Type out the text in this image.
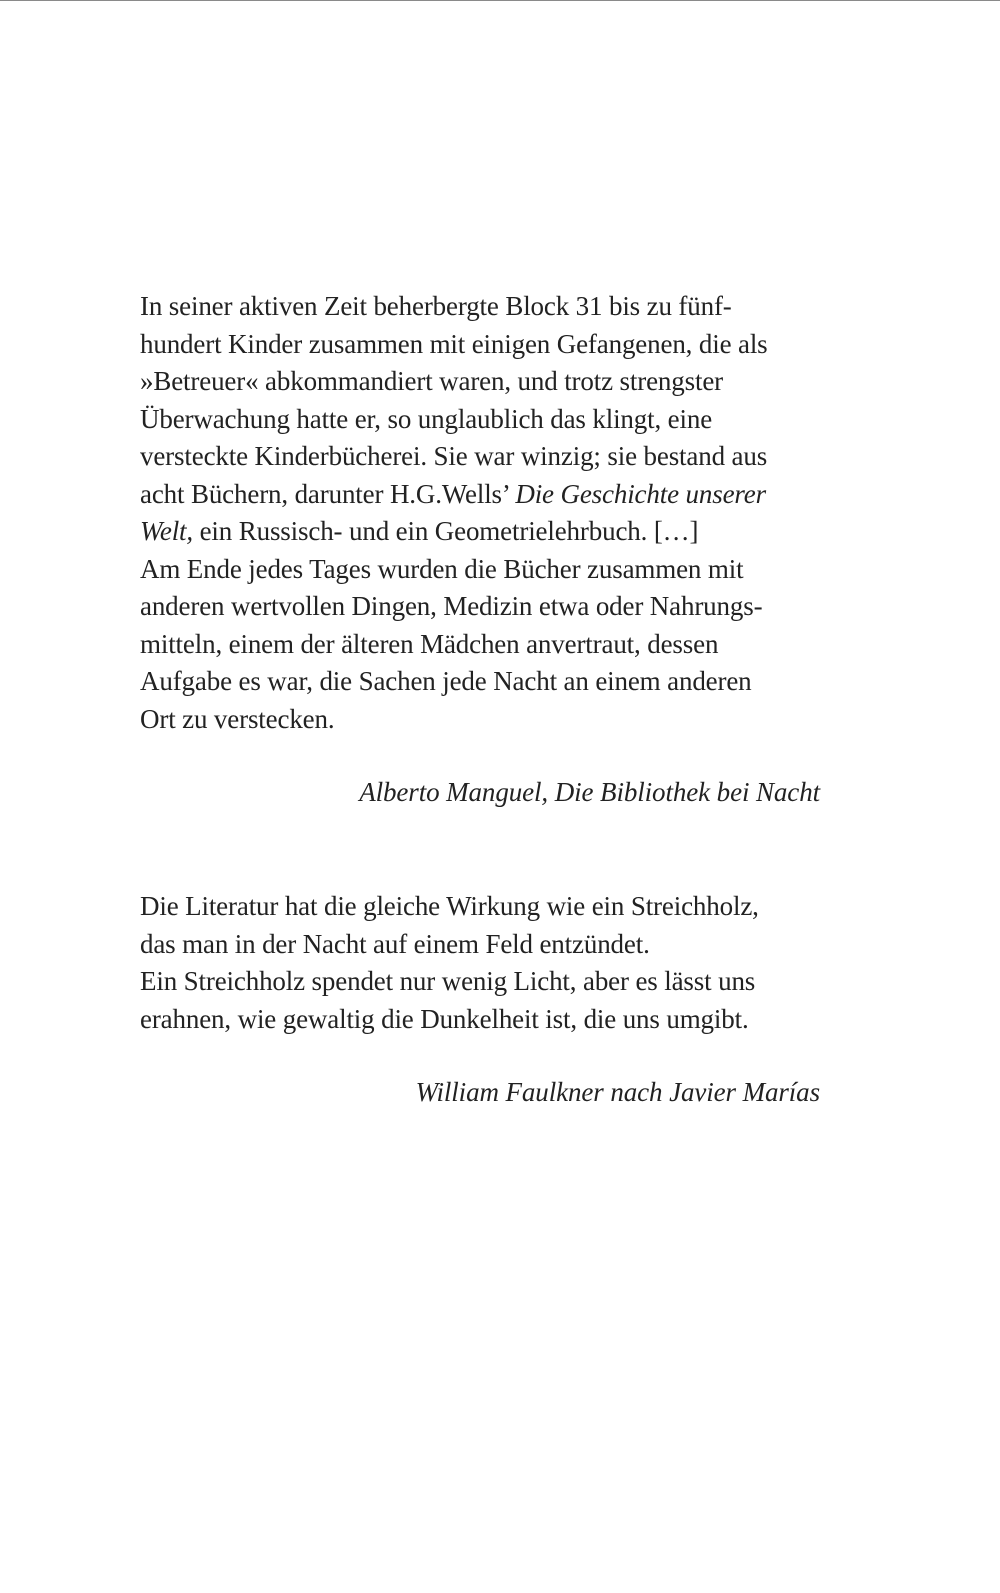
In seiner aktiven Zeit beherbergte Block 31 bis zu fünf-
hundert Kinder zusammen mit einigen Gefangenen, die als
»Betreuer« abkommandiert waren, und trotz strengster
Überwachung hatte er, so unglaublich das klingt, eine
versteckte Kinderbücherei. Sie war winzig; sie bestand aus
acht Büchern, darunter H.G.Wells’ Die Geschichte unserer
Welt, ein Russisch- und ein Geometrielehrbuch. […]
Am Ende jedes Tages wurden die Bücher zusammen mit
anderen wertvollen Dingen, Medizin etwa oder Nahrungs-
mitteln, einem der älteren Mädchen anvertraut, dessen
Aufgabe es war, die Sachen jede Nacht an einem anderen
Ort zu verstecken.
Alberto Manguel, Die Bibliothek bei Nacht
Die Literatur hat die gleiche Wirkung wie ein Streichholz,
das man in der Nacht auf einem Feld entzündet.
Ein Streichholz spendet nur wenig Licht, aber es lässt uns
erahnen, wie gewaltig die Dunkelheit ist, die uns umgibt.
William Faulkner nach Javier Marías
